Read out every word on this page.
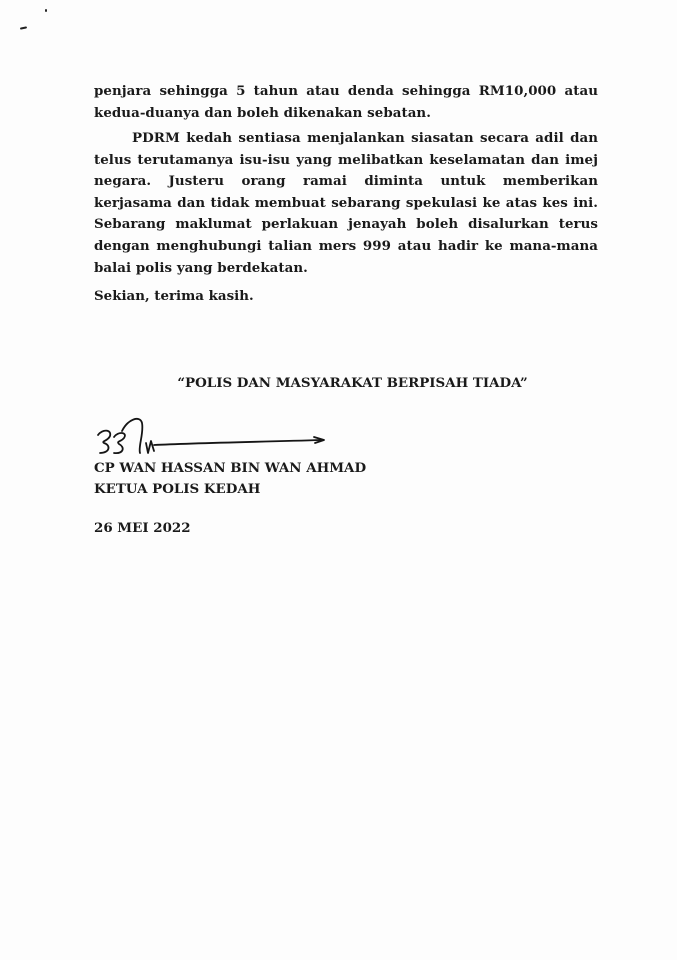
penjara sehingga 5 tahun atau denda sehingga RM10,000 atau kedua-duanya dan boleh dikenakan sebatan.

PDRM kedah sentiasa menjalankan siasatan secara adil dan telus terutamanya isu-isu yang melibatkan keselamatan dan imej negara. Justeru orang ramai diminta untuk memberikan kerjasama dan tidak membuat sebarang spekulasi ke atas kes ini. Sebarang maklumat perlakuan jenayah boleh disalurkan terus dengan menghubungi talian mers 999 atau hadir ke mana-mana balai polis yang berdekatan.

Sekian, terima kasih.

“POLIS DAN MASYARAKAT BERPISAH TIADA”

CP WAN HASSAN BIN WAN AHMAD

KETUA POLIS KEDAH

26 MEI 2022
